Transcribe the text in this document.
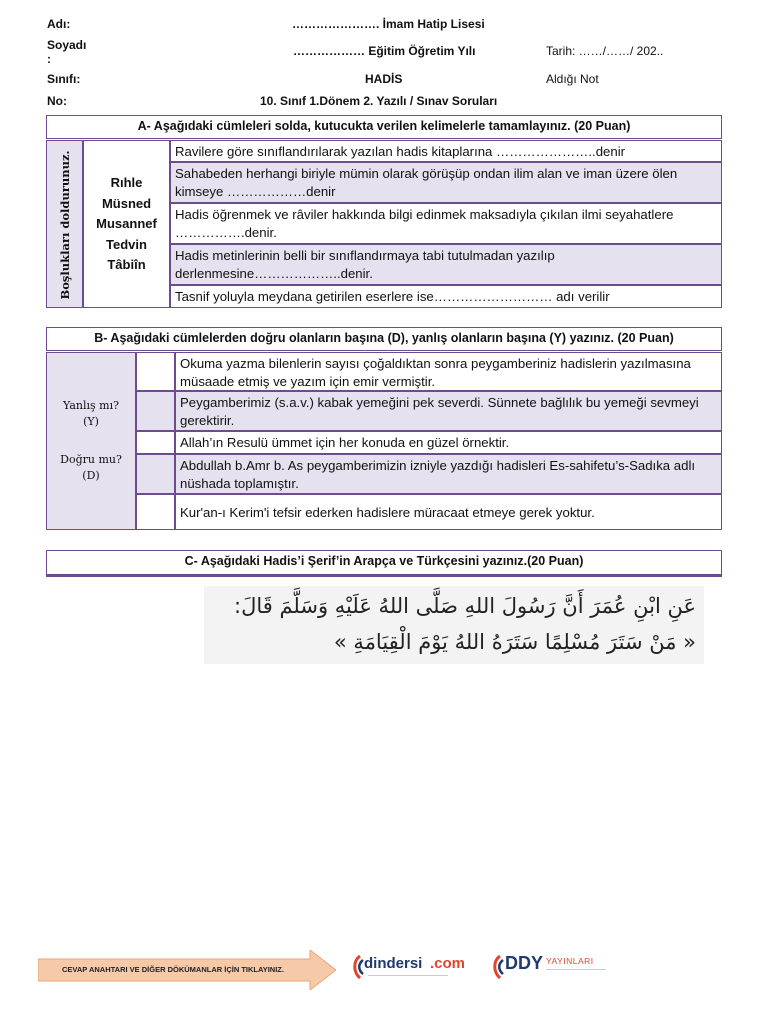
Adı:
Soyadı
:
Sınıfı:
No:
…………………. İmam Hatip Lisesi
……………… Eğitim Öğretim Yılı
HADİS
10. Sınıf 1.Dönem 2. Yazılı / Sınav Soruları
Tarih: ……/……/ 202..
Aldığı Not
A- Aşağıdaki cümleleri solda, kutucukta verilen kelimelerle tamamlayınız. (20 Puan)
Boşlukları doldurunuz.	Rıhle
Müsned
Musannef
Tedvin
Tâbiîn
Ravilere göre sınıflandırılarak yazılan hadis kitaplarına …………………..denir
Sahabeden herhangi biriyle mümin olarak görüşüp ondan ilim alan ve iman üzere ölen kimseye ………………denir
Hadis öğrenmek ve râviler hakkında bilgi edinmek maksadıyla çıkılan ilmi seyahatlere …………….denir.
Hadis metinlerinin belli bir sınıflandırmaya tabi tutulmadan yazılıp derlenmesine………………..denir.
Tasnif yoluyla meydana getirilen eserlere ise……………………… adı verilir
B- Aşağıdaki cümlelerden doğru olanların başına (D), yanlış olanların başına (Y) yazınız. (20 Puan)
Yanlış mı?
(Y)
Doğru mu?
(D)
Okuma yazma bilenlerin sayısı çoğaldıktan sonra peygamberiniz hadislerin yazılmasına müsaade etmiş ve yazım için emir vermiştir.
Peygamberimiz (s.a.v.) kabak yemeğini pek severdi. Sünnete bağlılık bu yemeği sevmeyi gerektirir.
Allah’ın Resulü ümmet için her konuda en güzel örnektir.
Abdullah b.Amr b. As peygamberimizin izniyle yazdığı hadisleri Es-sahifetu’s-Sadıka adlı nüshada toplamıştır.
Kur'an-ı Kerim'i tefsir ederken hadislere müracaat etmeye gerek yoktur.
C- Aşağıdaki Hadis’i Şerif’in Arapça ve Türkçesini yazınız.(20 Puan)
عَنِ ابْنِ عُمَرَ أَنَّ رَسُولَ اللهِ صَلَّى اللهُ عَلَيْهِ وَسَلَّمَ قَالَ:
« مَنْ سَتَرَ مُسْلِمًا سَتَرَهُ اللهُ يَوْمَ الْقِيَامَةِ »
CEVAP ANAHTARI VE DİĞER DÖKÜMANLAR İÇİN TIKLAYINIZ.	dindersi .com DDY YAYINLARI
